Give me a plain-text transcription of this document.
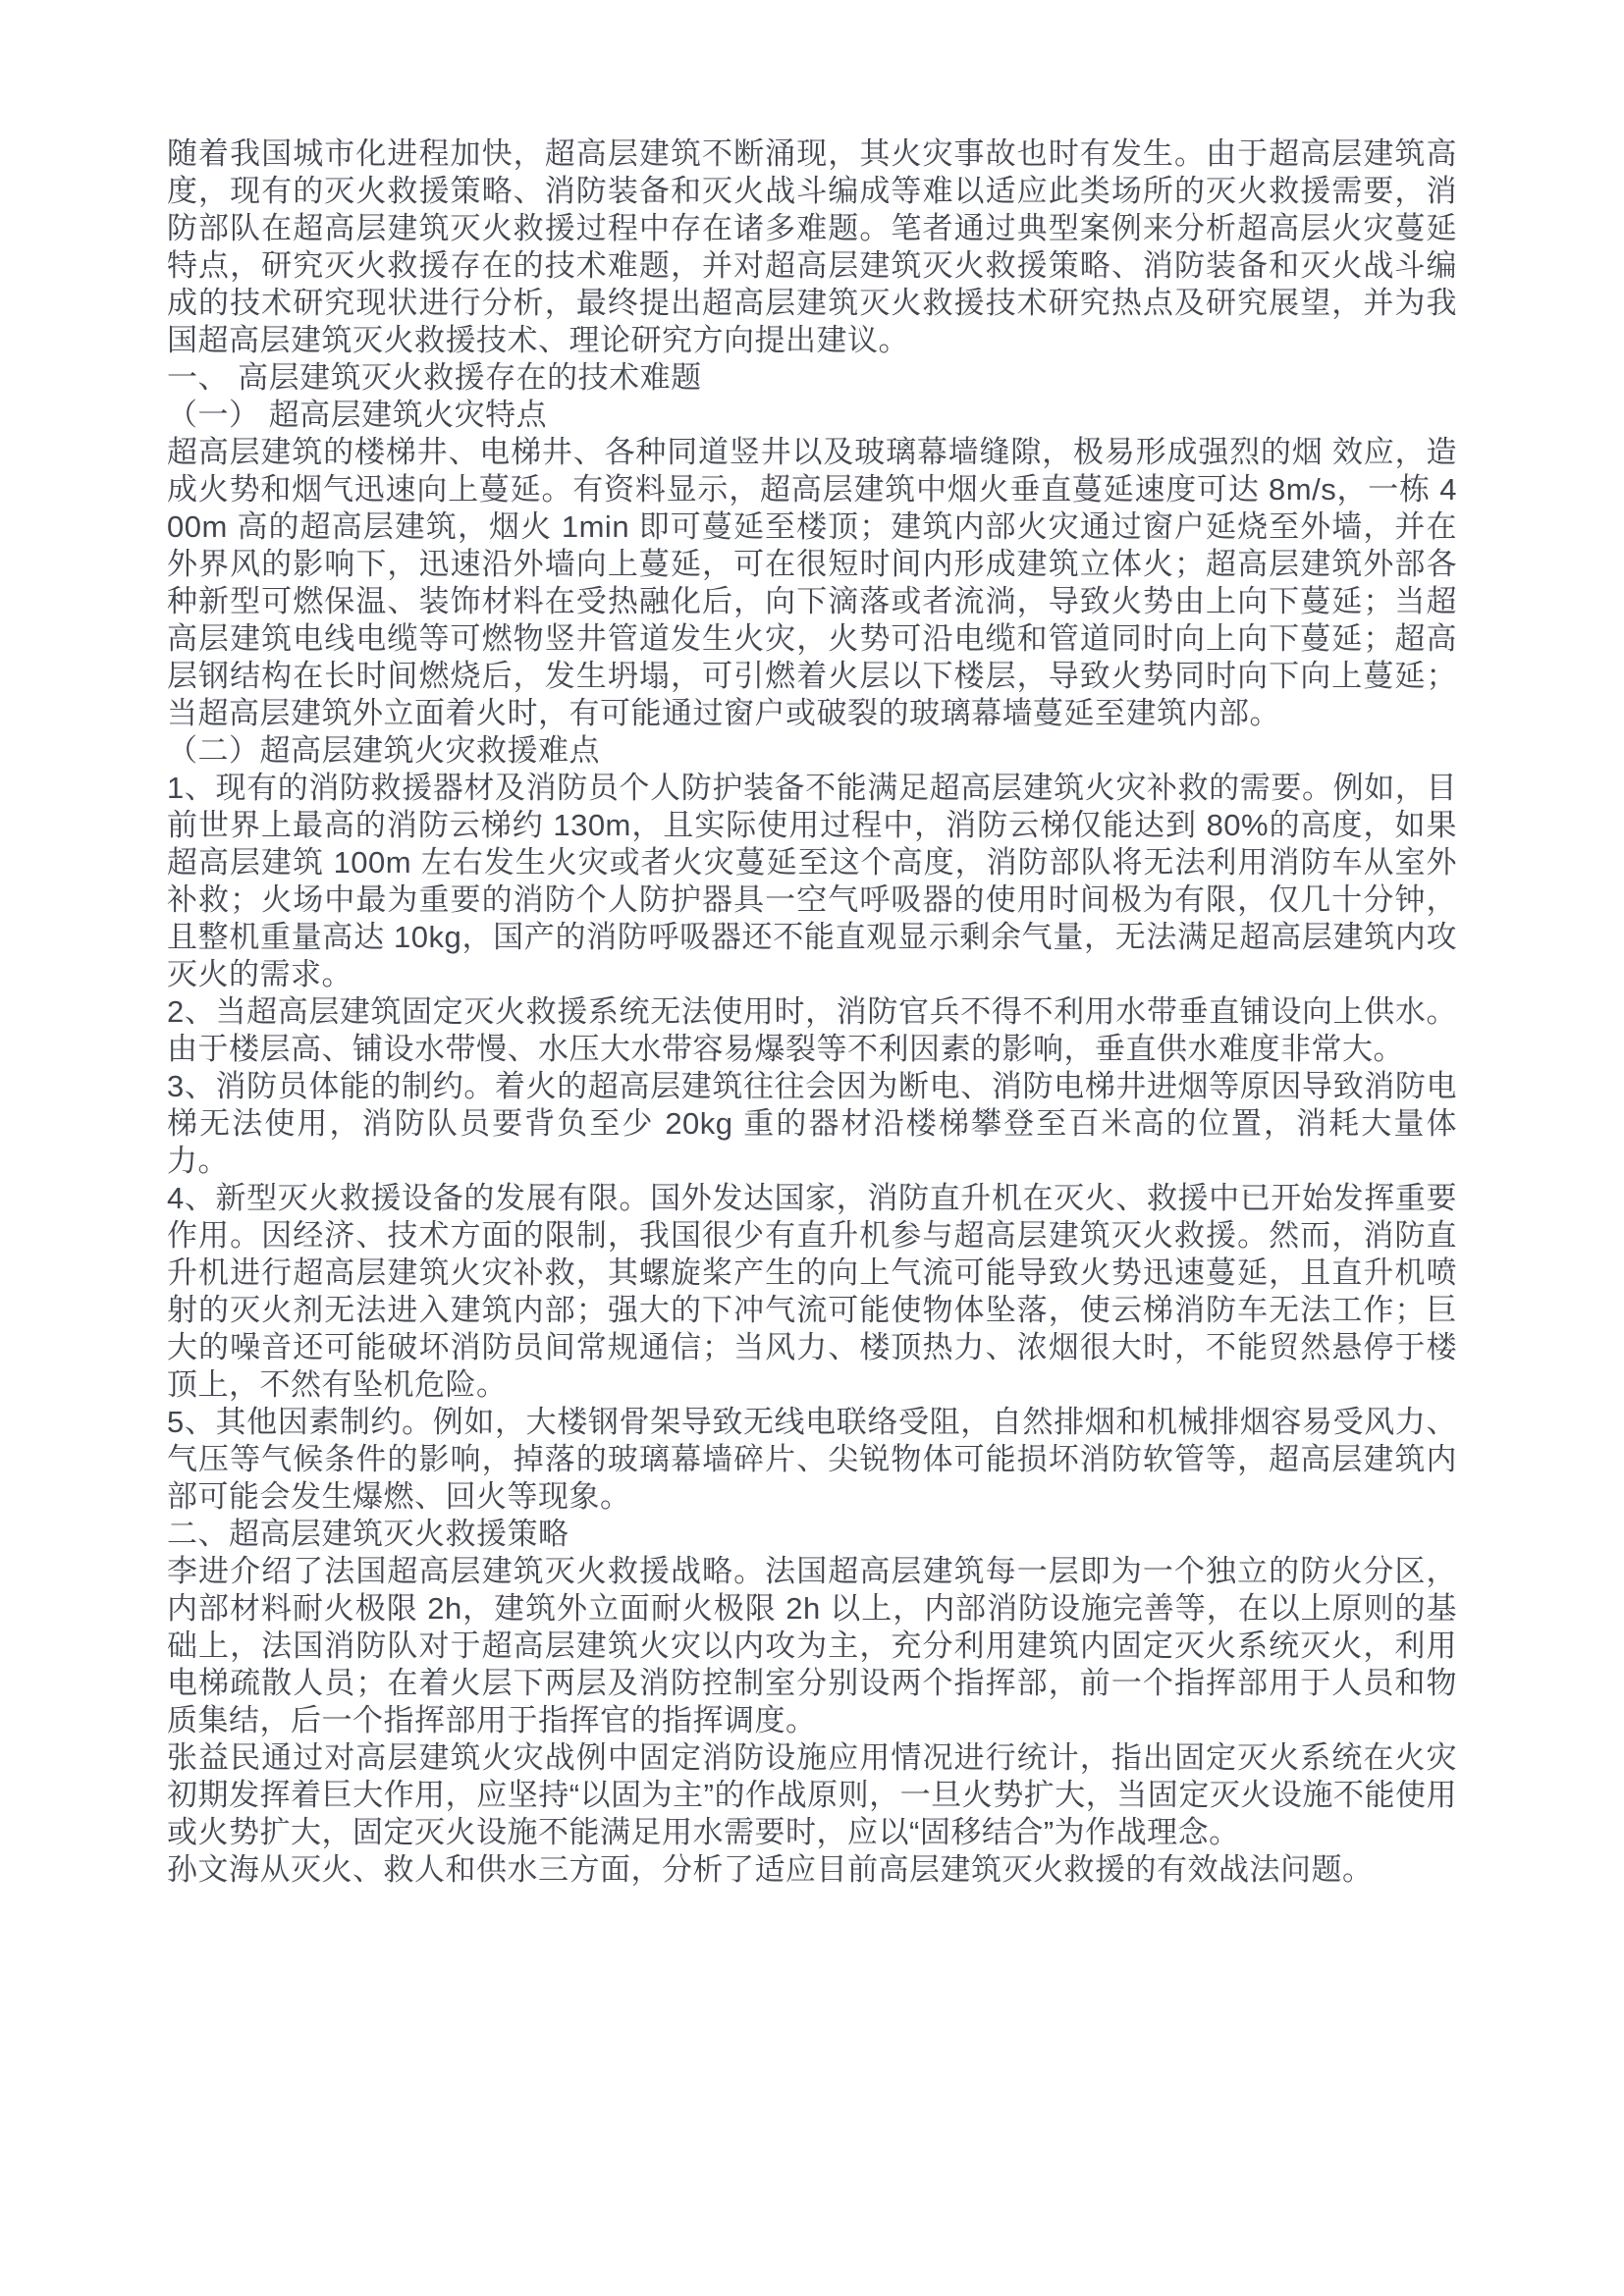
随着我国城市化进程加快，超高层建筑不断涌现，其火灾事故也时有发生。由于超高层建筑高度，现有的灭火救援策略、消防装备和灭火战斗编成等难以适应此类场所的灭火救援需要，消防部队在超高层建筑灭火救援过程中存在诸多难题。笔者通过典型案例来分析超高层火灾蔓延特点，研究灭火救援存在的技术难题，并对超高层建筑灭火救援策略、消防装备和灭火战斗编成的技术研究现状进行分析，最终提出超高层建筑灭火救援技术研究热点及研究展望，并为我国超高层建筑灭火救援技术、理论研究方向提出建议。

一、 高层建筑灭火救援存在的技术难题

（一） 超高层建筑火灾特点

超高层建筑的楼梯井、电梯井、各种同道竖井以及玻璃幕墙缝隙，极易形成强烈的烟 效应，造成火势和烟气迅速向上蔓延。有资料显示，超高层建筑中烟火垂直蔓延速度可达 8m/s，一栋 400m 高的超高层建筑，烟火 1min 即可蔓延至楼顶；建筑内部火灾通过窗户延烧至外墙，并在外界风的影响下，迅速沿外墙向上蔓延，可在很短时间内形成建筑立体火；超高层建筑外部各种新型可燃保温、装饰材料在受热融化后，向下滴落或者流淌，导致火势由上向下蔓延；当超高层建筑电线电缆等可燃物竖井管道发生火灾，火势可沿电缆和管道同时向上向下蔓延；超高层钢结构在长时间燃烧后，发生坍塌，可引燃着火层以下楼层，导致火势同时向下向上蔓延；当超高层建筑外立面着火时，有可能通过窗户或破裂的玻璃幕墙蔓延至建筑内部。

（二）超高层建筑火灾救援难点

1、现有的消防救援器材及消防员个人防护装备不能满足超高层建筑火灾补救的需要。例如，目前世界上最高的消防云梯约 130m，且实际使用过程中，消防云梯仅能达到 80%的高度，如果超高层建筑 100m 左右发生火灾或者火灾蔓延至这个高度，消防部队将无法利用消防车从室外补救；火场中最为重要的消防个人防护器具一空气呼吸器的使用时间极为有限，仅几十分钟，且整机重量高达 10kg，国产的消防呼吸器还不能直观显示剩余气量，无法满足超高层建筑内攻灭火的需求。

2、当超高层建筑固定灭火救援系统无法使用时，消防官兵不得不利用水带垂直铺设向上供水。由于楼层高、铺设水带慢、水压大水带容易爆裂等不利因素的影响，垂直供水难度非常大。

3、消防员体能的制约。着火的超高层建筑往往会因为断电、消防电梯井进烟等原因导致消防电梯无法使用，消防队员要背负至少 20kg 重的器材沿楼梯攀登至百米高的位置，消耗大量体力。

4、新型灭火救援设备的发展有限。国外发达国家，消防直升机在灭火、救援中已开始发挥重要作用。因经济、技术方面的限制，我国很少有直升机参与超高层建筑灭火救援。然而，消防直升机进行超高层建筑火灾补救，其螺旋桨产生的向上气流可能导致火势迅速蔓延，且直升机喷射的灭火剂无法进入建筑内部；强大的下冲气流可能使物体坠落，使云梯消防车无法工作；巨大的噪音还可能破坏消防员间常规通信；当风力、楼顶热力、浓烟很大时，不能贸然悬停于楼顶上，不然有坠机危险。

5、其他因素制约。例如，大楼钢骨架导致无线电联络受阻，自然排烟和机械排烟容易受风力、气压等气候条件的影响，掉落的玻璃幕墙碎片、尖锐物体可能损坏消防软管等，超高层建筑内部可能会发生爆燃、回火等现象。

二、超高层建筑灭火救援策略

李进介绍了法国超高层建筑灭火救援战略。法国超高层建筑每一层即为一个独立的防火分区，内部材料耐火极限 2h，建筑外立面耐火极限 2h 以上，内部消防设施完善等，在以上原则的基础上，法国消防队对于超高层建筑火灾以内攻为主，充分利用建筑内固定灭火系统灭火，利用电梯疏散人员；在着火层下两层及消防控制室分别设两个指挥部，前一个指挥部用于人员和物质集结，后一个指挥部用于指挥官的指挥调度。

张益民通过对高层建筑火灾战例中固定消防设施应用情况进行统计，指出固定灭火系统在火灾初期发挥着巨大作用，应坚持“以固为主”的作战原则，一旦火势扩大，当固定灭火设施不能使用或火势扩大，固定灭火设施不能满足用水需要时，应以“固移结合”为作战理念。

孙文海从灭火、救人和供水三方面，分析了适应目前高层建筑灭火救援的有效战法问题。
